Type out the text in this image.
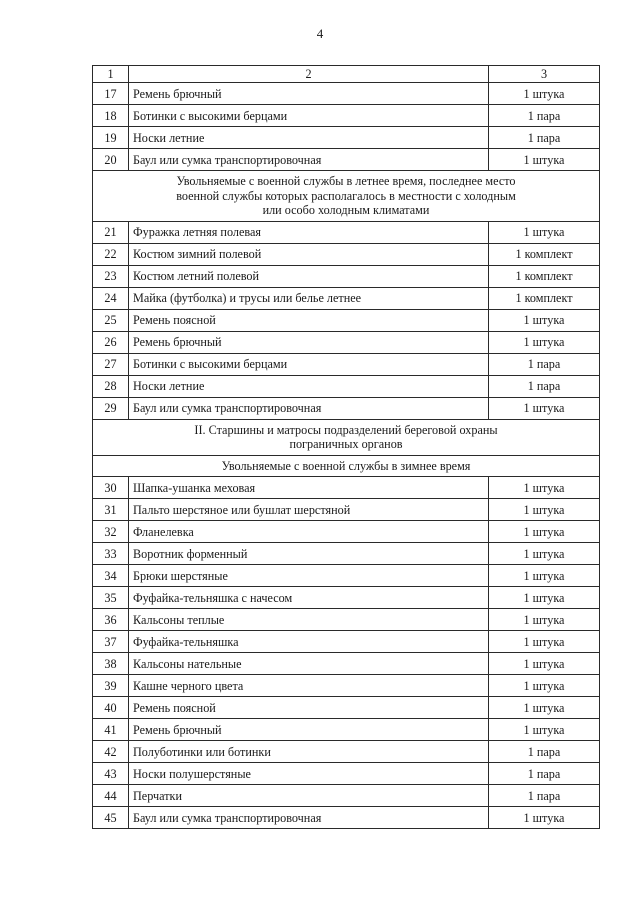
4
1	2	3
17	Ремень брючный	1 штука
18	Ботинки с высокими берцами	1 пара
19	Носки летние	1 пара
20	Баул или сумка транспортировочная	1 штука

Увольняемые с военной службы в летнее время, последнее место
военной службы которых располагалось в местности с холодным
или особо холодным климатами		

21	Фуражка летняя полевая	1 штука
22	Костюм зимний полевой	1 комплект
23	Костюм летний полевой	1 комплект
24	Майка (футболка) и трусы или белье летнее	1 комплект
25	Ремень поясной	1 штука
26	Ремень брючный	1 штука
27	Ботинки с высокими берцами	1 пара
28	Носки летние	1 пара
29	Баул или сумка транспортировочная	1 штука

II. Старшины и матросы подразделений береговой охраны
пограничных органов		

Увольняемые с военной службы в зимнее время		

30	Шапка-ушанка меховая	1 штука
31	Пальто шерстяное или бушлат шерстяной	1 штука
32	Фланелевка	1 штука
33	Воротник форменный	1 штука
34	Брюки шерстяные	1 штука
35	Фуфайка-тельняшка с начесом	1 штука
36	Кальсоны теплые	1 штука
37	Фуфайка-тельняшка	1 штука
38	Кальсоны нательные	1 штука
39	Кашне черного цвета	1 штука
40	Ремень поясной	1 штука
41	Ремень брючный	1 штука
42	Полуботинки или ботинки	1 пара
43	Носки полушерстяные	1 пара
44	Перчатки	1 пара
45	Баул или сумка транспортировочная	1 штука
